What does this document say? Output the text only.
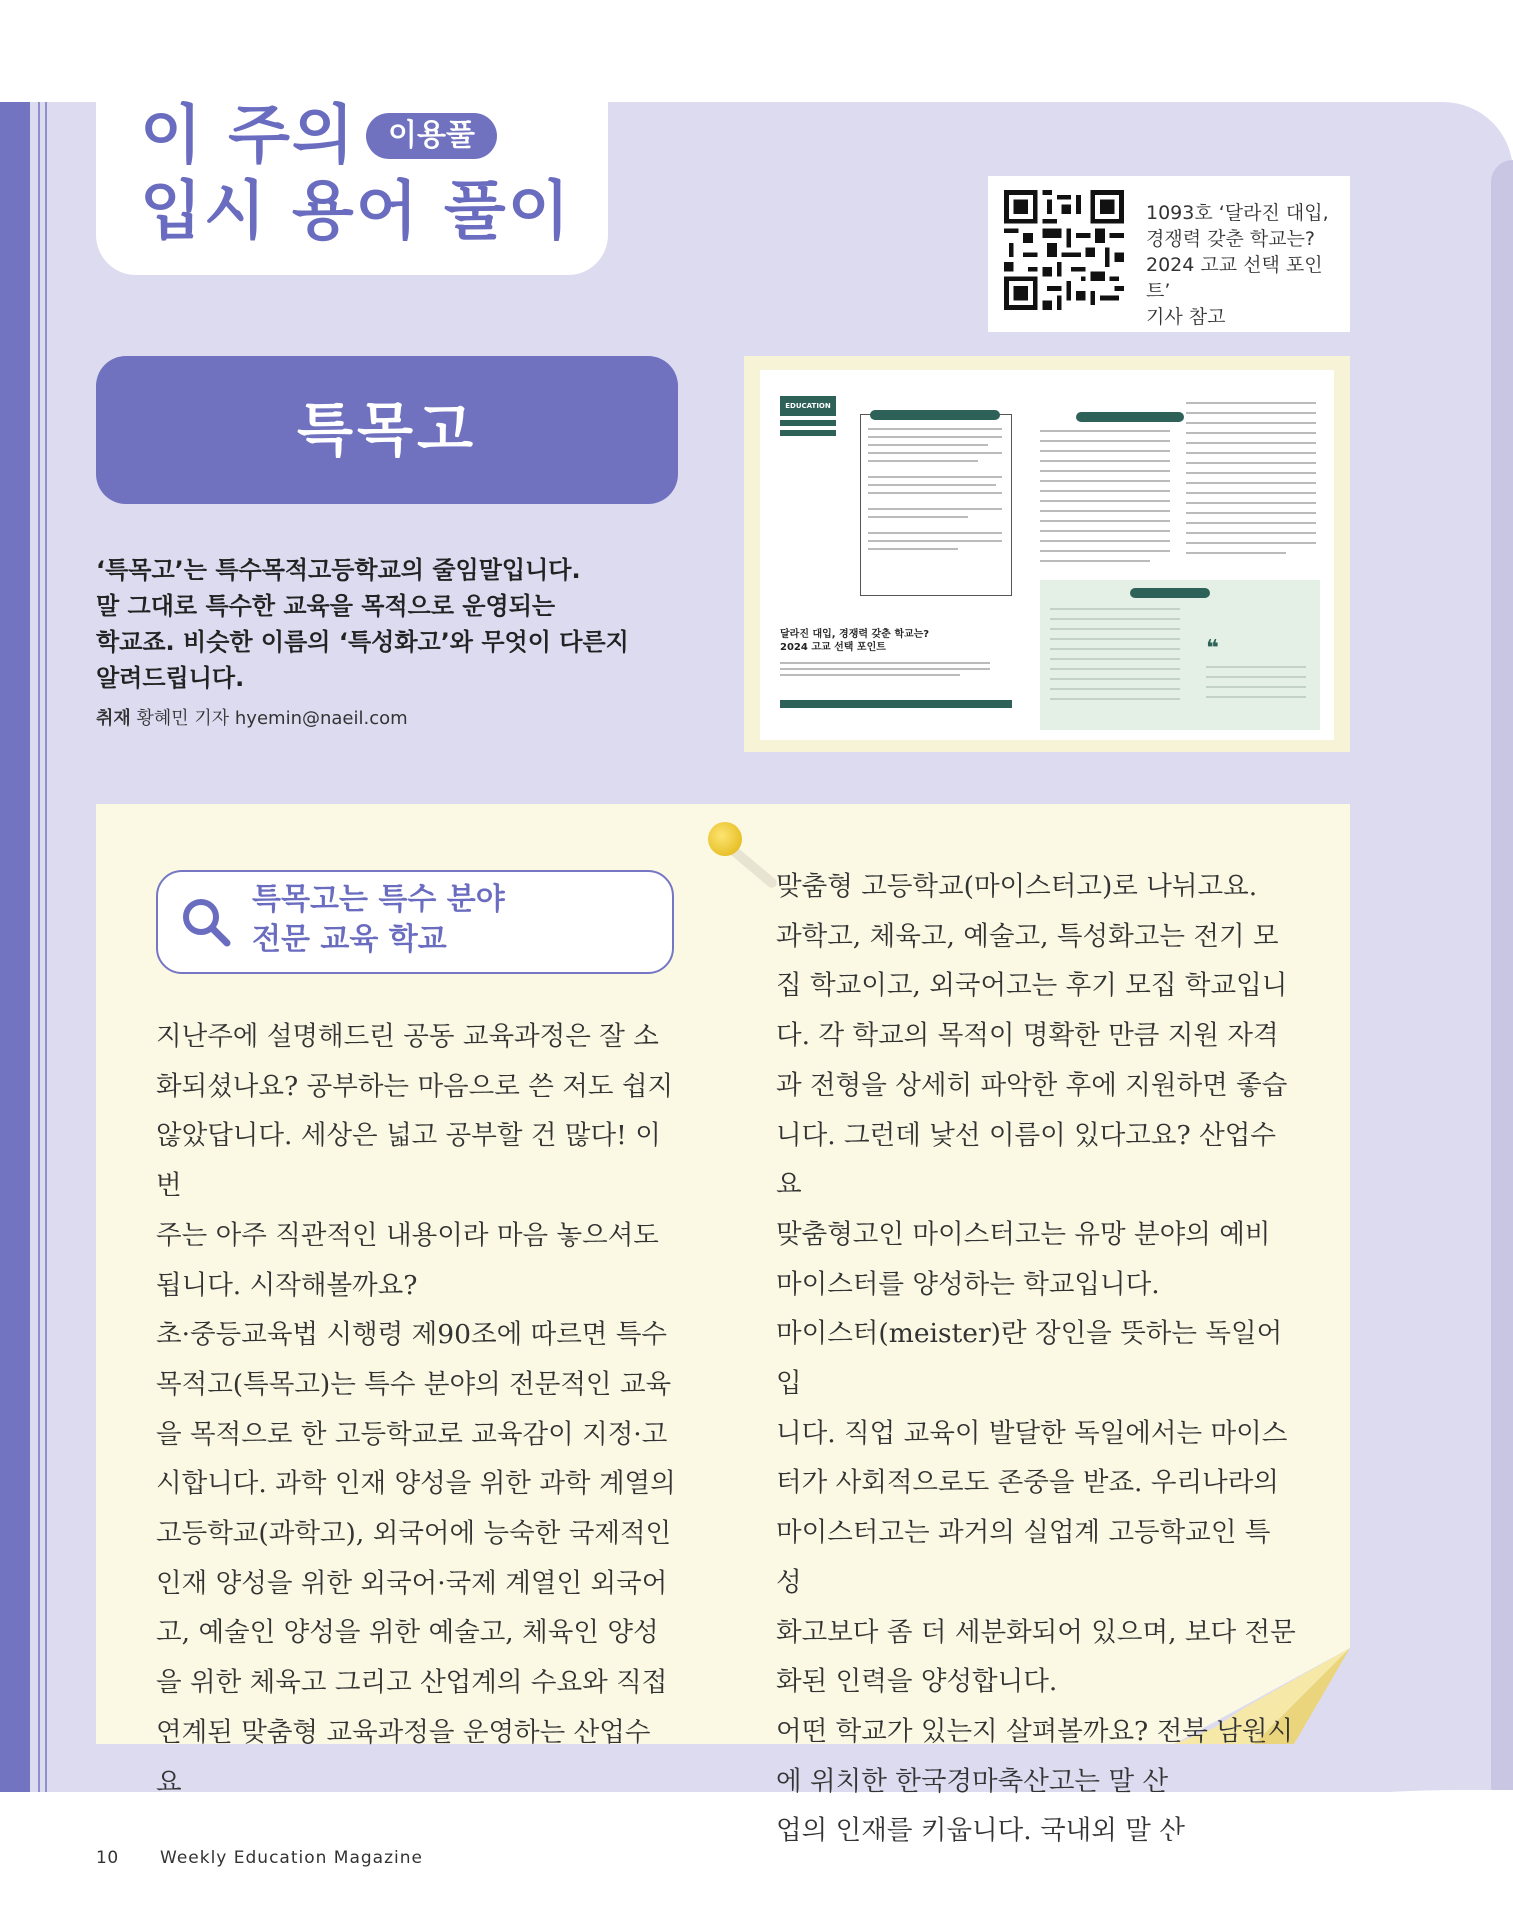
이 주의	이용풀
입시 용어 풀이	1093호 ‘달라진 대입,
경쟁력 갖춘 학교는?
2024 고교 선택 포인트’
기사 참고
특목고
‘특목고’는 특수목적고등학교의 줄임말입니다.
말 그대로 특수한 교육을 목적으로 운영되는
학교죠. 비슷한 이름의 ‘특성화고’와 무엇이 다른지
알려드립니다.
취재 황혜민 기자 hyemin@naeil.com
EDUCATION
❝
달라진 대입, 경쟁력 갖춘 학교는?
2024 고교 선택 포인트
특목고는 특수 분야
전문 교육 학교
지난주에 설명해드린 공동 교육과정은 잘 소
화되셨나요? 공부하는 마음으로 쓴 저도 쉽지
않았답니다. 세상은 넓고 공부할 건 많다! 이번
주는 아주 직관적인 내용이라 마음 놓으셔도
됩니다. 시작해볼까요?
초·중등교육법 시행령 제90조에 따르면 특수
목적고(특목고)는 특수 분야의 전문적인 교육
을 목적으로 한 고등학교로 교육감이 지정·고
시합니다. 과학 인재 양성을 위한 과학 계열의
고등학교(과학고), 외국어에 능숙한 국제적인
인재 양성을 위한 외국어·국제 계열인 외국어
고, 예술인 양성을 위한 예술고, 체육인 양성
을 위한 체육고 그리고 산업계의 수요와 직접
연계된 맞춤형 교육과정을 운영하는 산업수요
맞춤형 고등학교(마이스터고)로 나뉘고요.
과학고, 체육고, 예술고, 특성화고는 전기 모
집 학교이고, 외국어고는 후기 모집 학교입니
다. 각 학교의 목적이 명확한 만큼 지원 자격
과 전형을 상세히 파악한 후에 지원하면 좋습
니다. 그런데 낯선 이름이 있다고요? 산업수요
맞춤형고인 마이스터고는 유망 분야의 예비
마이스터를 양성하는 학교입니다.
마이스터(meister)란 장인을 뜻하는 독일어입
니다. 직업 교육이 발달한 독일에서는 마이스
터가 사회적으로도 존중을 받죠. 우리나라의
마이스터고는 과거의 실업계 고등학교인 특성
화고보다 좀 더 세분화되어 있으며, 보다 전문
화된 인력을 양성합니다.
어떤 학교가 있는지 살펴볼까요? 전북 남원시
에 위치한 한국경마축산고는 말 산
업의 인재를 키웁니다. 국내외 말 산
10 Weekly Education Magazine
